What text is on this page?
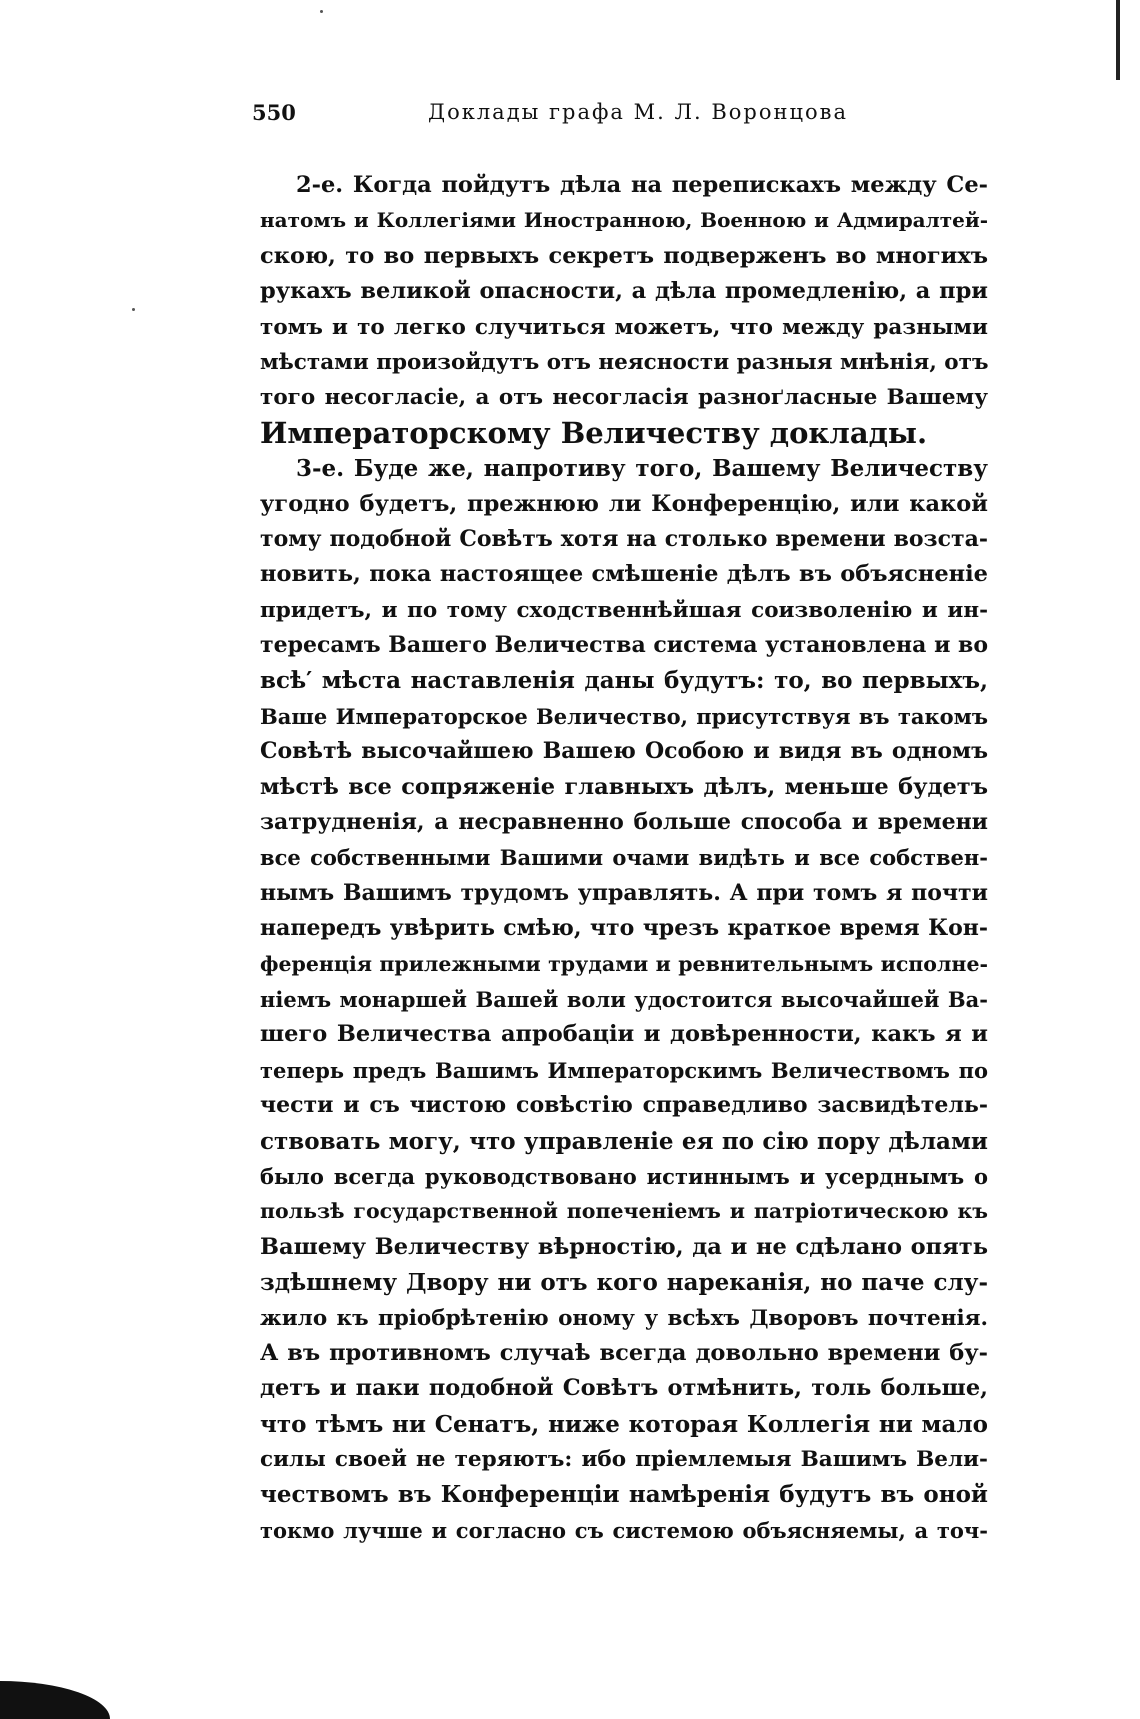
550	Доклады графа М. Л. Воронцова
2-е. Когда пойдутъ дѣла на перепискахъ между Се-
натомъ и Коллегіями Иностранною, Военною и Адмиралтей-
скою, то во первыхъ секретъ подверженъ во многихъ
рукахъ великой опасности, а дѣла промедленію, а при
томъ и то легко случиться можетъ, что между разными
мѣстами произойдутъ отъ неясности разныя мнѣнія, отъ
того несогласіе, а отъ несогласія разноґласные Вашему
Императорскому Величеству доклады.
3-е. Буде же, напротиву того, Вашему Величеству
угодно будетъ, прежнюю ли Конференцію, или какой
тому подобной Совѣтъ хотя на столько времени возста-
новить, пока настоящее смѣшеніе дѣлъ въ объясненіе
придетъ, и по тому сходственнѣйшая соизволенію и ин-
тересамъ Вашего Величества система установлена и во
всѣ′ мѣста наставленія даны будутъ: то, во первыхъ,
Ваше Императорское Величество, присутствуя въ такомъ
Совѣтѣ высочайшею Вашею Особою и видя въ одномъ
мѣстѣ все сопряженіе главныхъ дѣлъ, меньше будетъ
затрудненія, а несравненно больше способа и времени
все собственными Вашими очами видѣть и все собствен-
нымъ Вашимъ трудомъ управлять. А при томъ я почти
напередъ увѣрить смѣю, что чрезъ краткое время Кон-
ференція прилежными трудами и ревнительнымъ исполне-
ніемъ монаршей Вашей воли удостоится высочайшей Ва-
шего Величества апробаціи и довѣренности, какъ я и
теперь предъ Вашимъ Императорскимъ Величествомъ по
чести и съ чистою совѣстію справедливо засвидѣтель-
ствовать могу, что управленіе ея по сію пору дѣлами
было всегда руководствовано истиннымъ и усерднымъ о
пользѣ государственной попеченіемъ и патріотическою къ
Вашему Величеству вѣрностію, да и не сдѣлано опять
здѣшнему Двору ни отъ кого нареканія, но паче слу-
жило къ пріобрѣтенію оному у всѣхъ Дворовъ почтенія.
А въ противномъ случаѣ всегда довольно времени бу-
детъ и паки подобной Совѣтъ отмѣнить, толь больше,
что тѣмъ ни Сенатъ, ниже которая Коллегія ни мало
силы своей не теряютъ: ибо пріемлемыя Вашимъ Вели-
чествомъ въ Конференціи намѣренія будутъ въ оной
токмо лучше и согласно съ системою объясняемы, а точ-
